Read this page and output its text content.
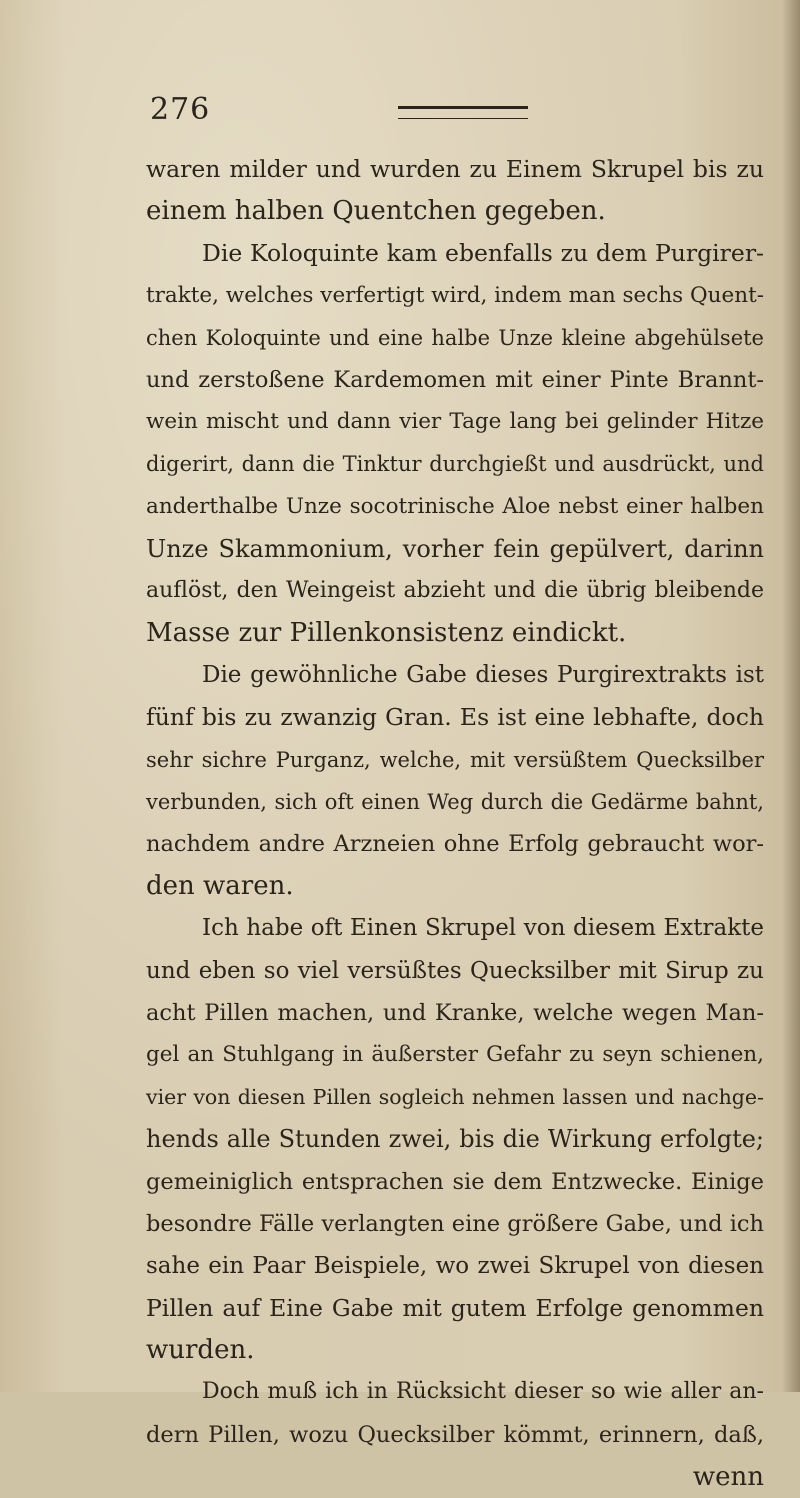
276
waren milder und wurden zu Einem Skrupel bis zu
einem halben Quentchen gegeben.
Die Koloquinte kam ebenfalls zu dem Purgirer-
trakte, welches verfertigt wird, indem man sechs Quent-
chen Koloquinte und eine halbe Unze kleine abgehülsete
und zerstoßene Kardemomen mit einer Pinte Brannt-
wein mischt und dann vier Tage lang bei gelinder Hitze
digerirt, dann die Tinktur durchgießt und ausdrückt, und
anderthalbe Unze socotrinische Aloe nebst einer halben
Unze Skammonium, vorher fein gepülvert, darinn
auflöst, den Weingeist abzieht und die übrig bleibende
Masse zur Pillenkonsistenz eindickt.
Die gewöhnliche Gabe dieses Purgirextrakts ist
fünf bis zu zwanzig Gran. Es ist eine lebhafte, doch
sehr sichre Purganz, welche, mit versüßtem Quecksilber
verbunden, sich oft einen Weg durch die Gedärme bahnt,
nachdem andre Arzneien ohne Erfolg gebraucht wor-
den waren.
Ich habe oft Einen Skrupel von diesem Extrakte
und eben so viel versüßtes Quecksilber mit Sirup zu
acht Pillen machen, und Kranke, welche wegen Man-
gel an Stuhlgang in äußerster Gefahr zu seyn schienen,
vier von diesen Pillen sogleich nehmen lassen und nachge-
hends alle Stunden zwei, bis die Wirkung erfolgte;
gemeiniglich entsprachen sie dem Entzwecke. Einige
besondre Fälle verlangten eine größere Gabe, und ich
sahe ein Paar Beispiele, wo zwei Skrupel von diesen
Pillen auf Eine Gabe mit gutem Erfolge genommen
wurden.
Doch muß ich in Rücksicht dieser so wie aller an-
dern Pillen, wozu Quecksilber kömmt, erinnern, daß,
wenn
